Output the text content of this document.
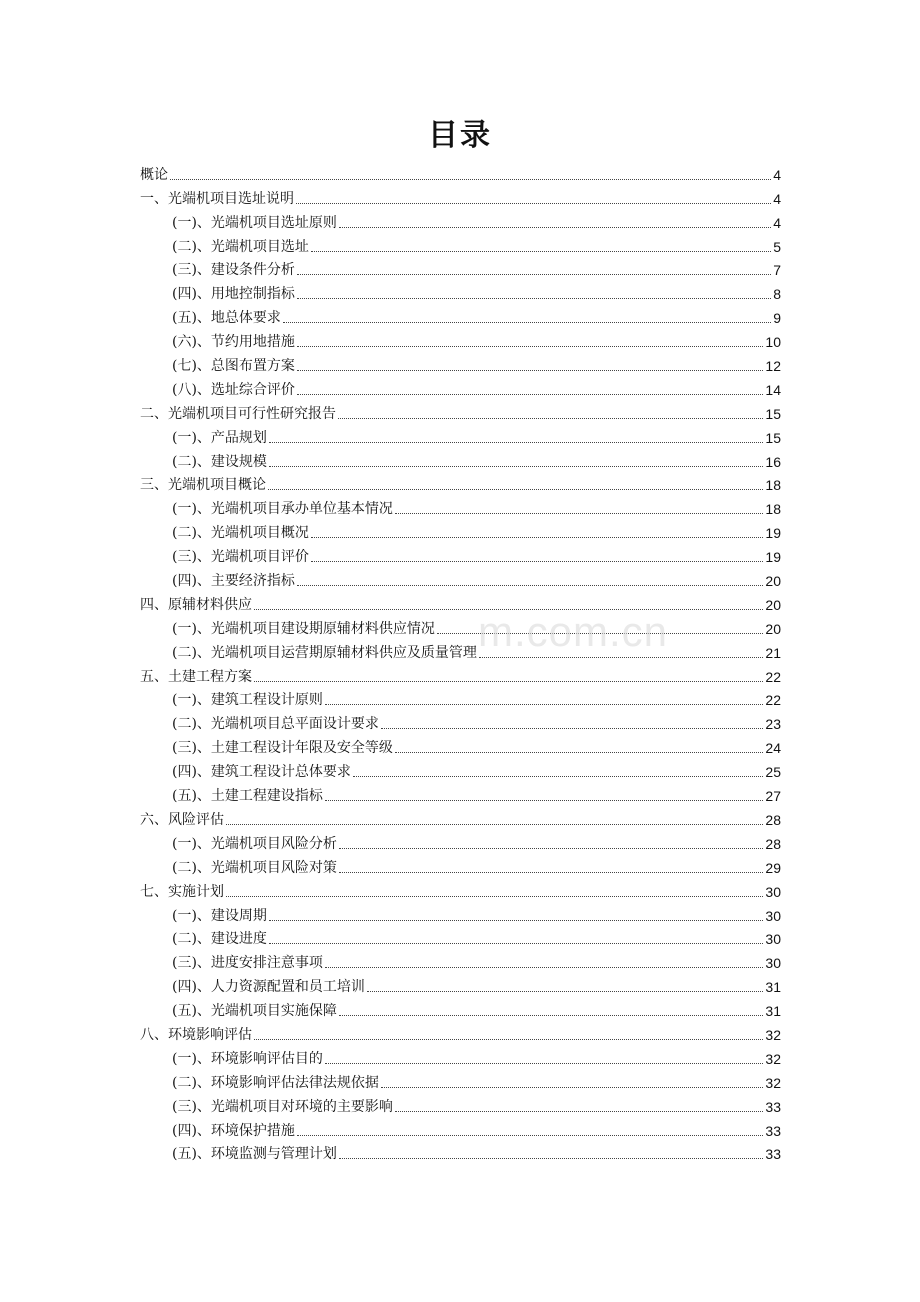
目录
概论	4
一、光端机项目选址说明	4
(一)、光端机项目选址原则	4
(二)、光端机项目选址	5
(三)、建设条件分析	7
(四)、用地控制指标	8
(五)、地总体要求	9
(六)、节约用地措施	10
(七)、总图布置方案	12
(八)、选址综合评价	14
二、光端机项目可行性研究报告	15
(一)、产品规划	15
(二)、建设规模	16
三、光端机项目概论	18
(一)、光端机项目承办单位基本情况	18
(二)、光端机项目概况	19
(三)、光端机项目评价	19
(四)、主要经济指标	20
四、原辅材料供应	20
(一)、光端机项目建设期原辅材料供应情况	20
(二)、光端机项目运营期原辅材料供应及质量管理	21
五、土建工程方案	22
(一)、建筑工程设计原则	22
(二)、光端机项目总平面设计要求	23
(三)、土建工程设计年限及安全等级	24
(四)、建筑工程设计总体要求	25
(五)、土建工程建设指标	27
六、风险评估	28
(一)、光端机项目风险分析	28
(二)、光端机项目风险对策	29
七、实施计划	30
(一)、建设周期	30
(二)、建设进度	30
(三)、进度安排注意事项	30
(四)、人力资源配置和员工培训	31
(五)、光端机项目实施保障	31
八、环境影响评估	32
(一)、环境影响评估目的	32
(二)、环境影响评估法律法规依据	32
(三)、光端机项目对环境的主要影响	33
(四)、环境保护措施	33
(五)、环境监测与管理计划	33
m.com.cn
